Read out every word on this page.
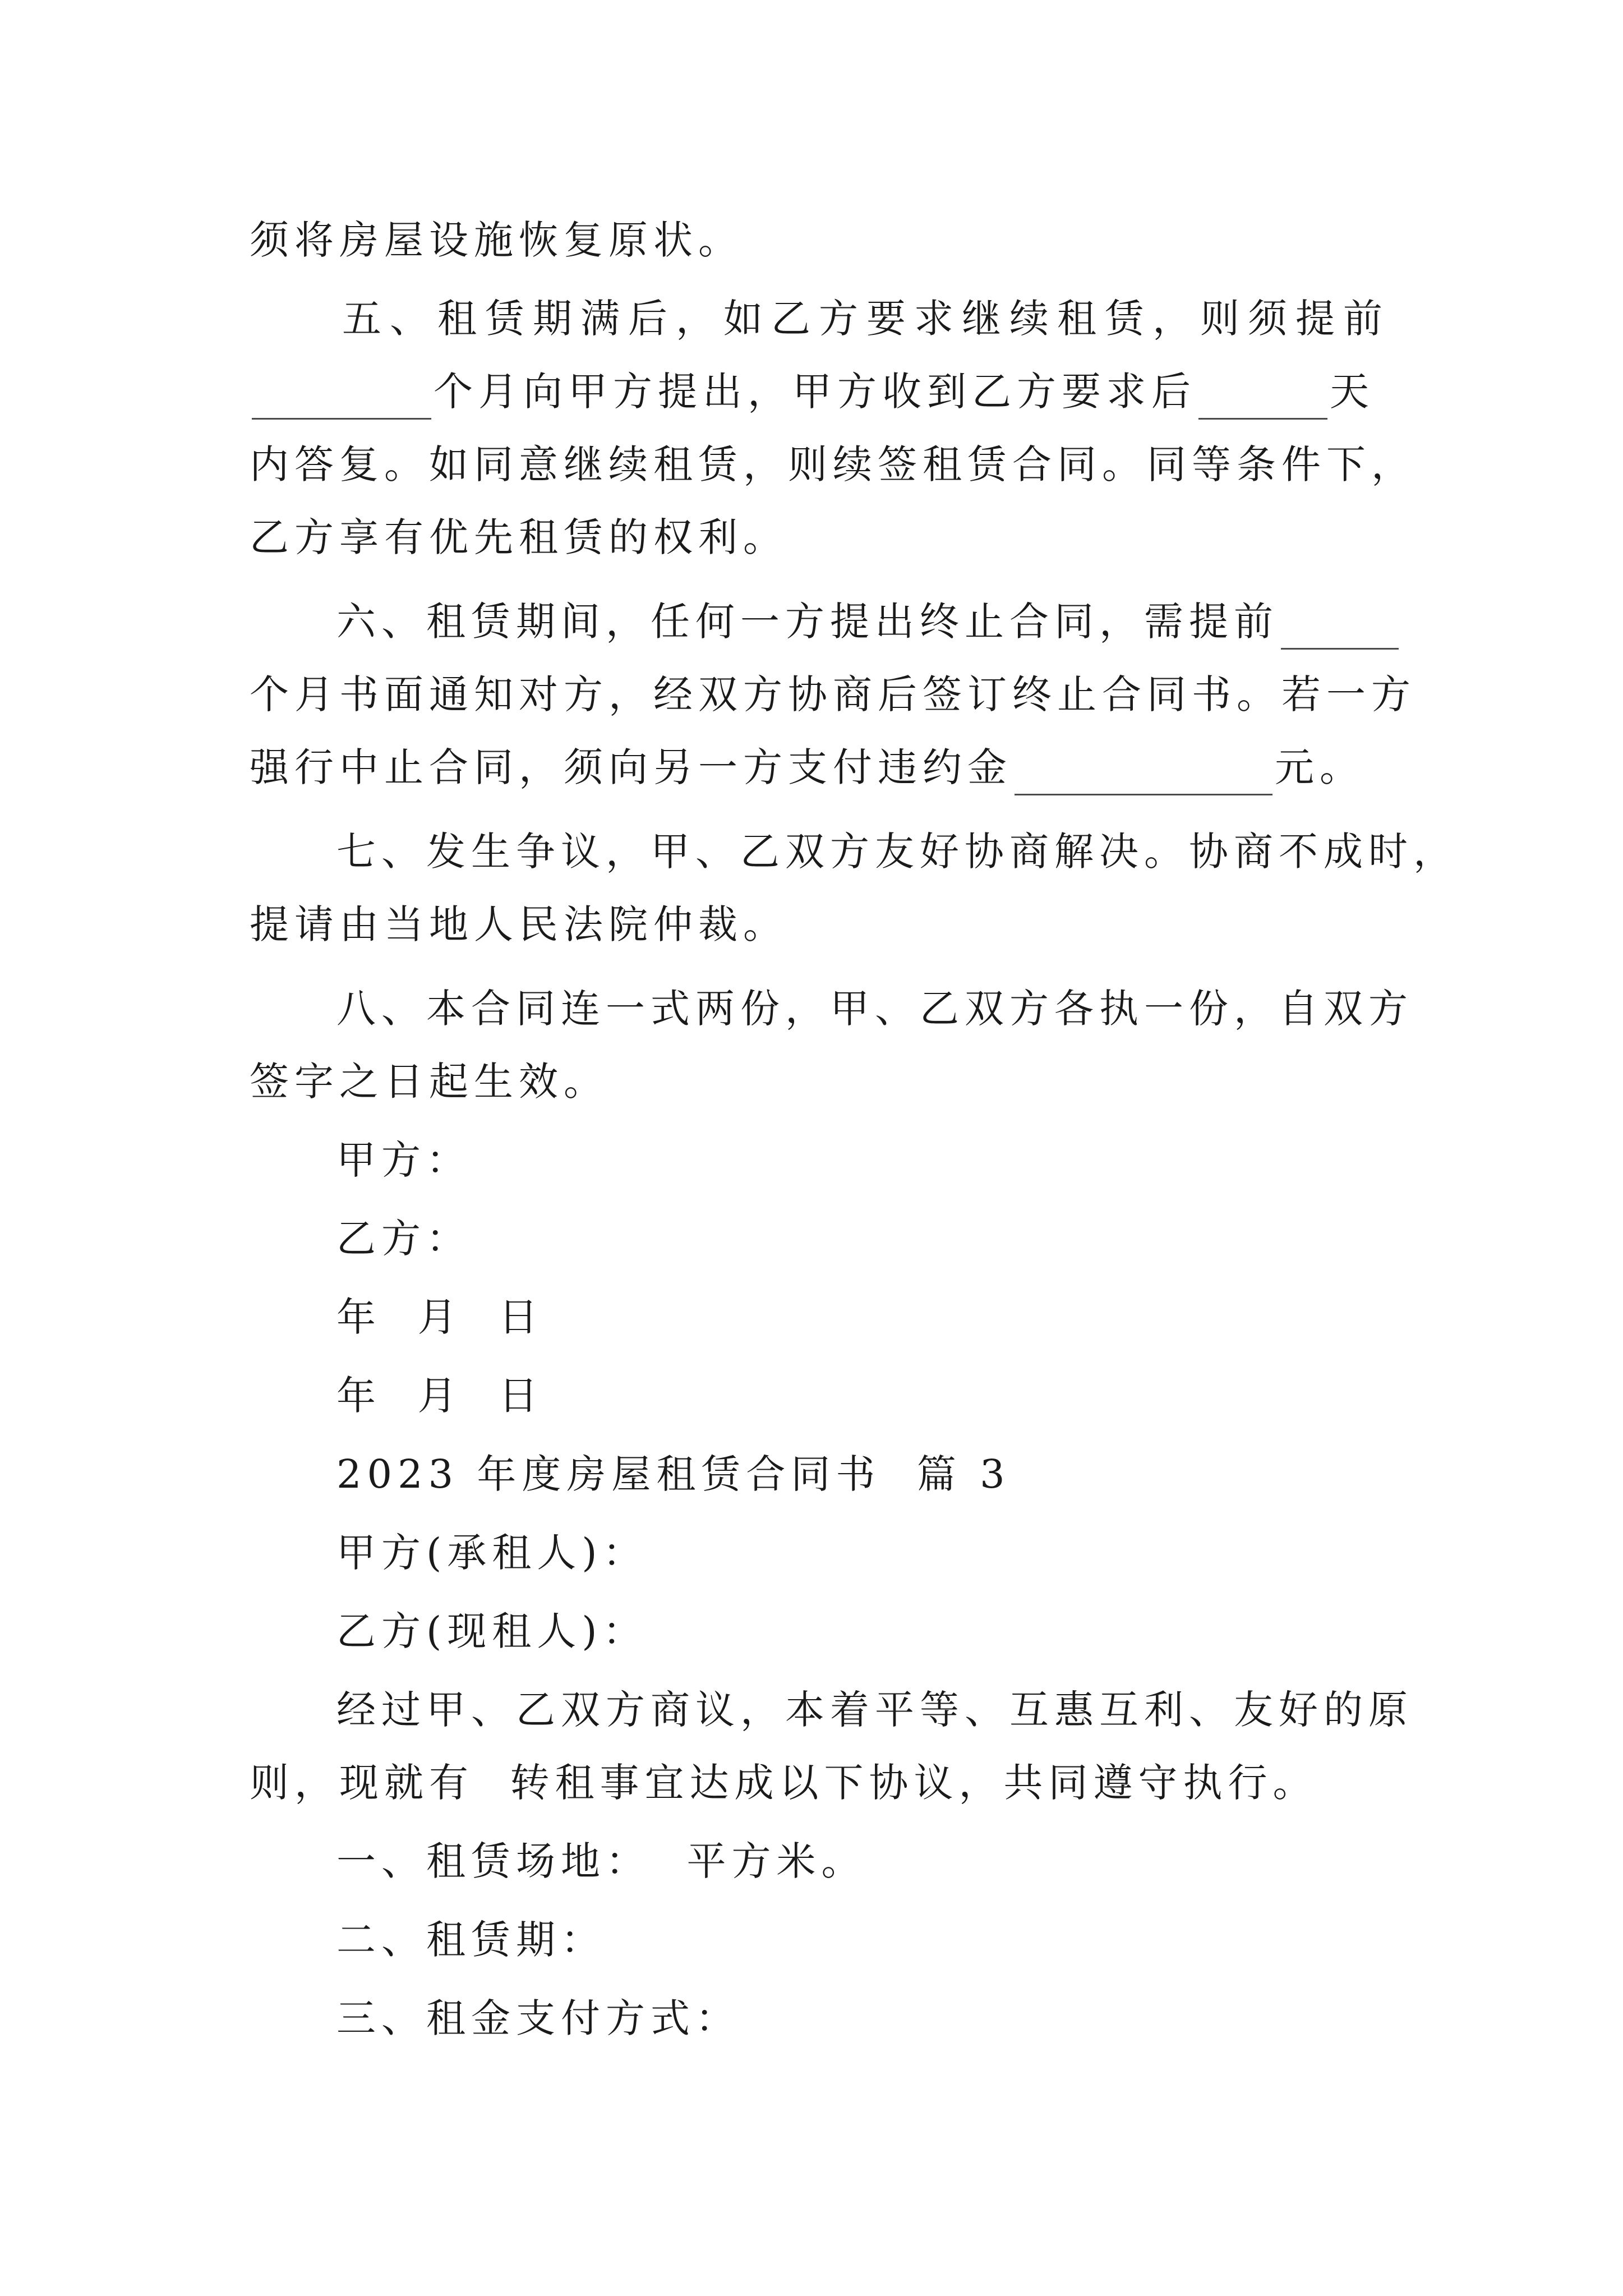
须将房屋设施恢复原状。
五、租赁期满后，如乙方要求继续租赁，则须提前
个月向甲方提出，甲方收到乙方要求后	天
内答复。如同意继续租赁，则续签租赁合同。同等条件下，
乙方享有优先租赁的权利。
六、租赁期间，任何一方提出终止合同，需提前
个月书面通知对方，经双方协商后签订终止合同书。若一方
强行中止合同，须向另一方支付违约金	元。
七、发生争议，甲、乙双方友好协商解决。协商不成时，
提请由当地人民法院仲裁。
八、本合同连一式两份，甲、乙双方各执一份，自双方
签字之日起生效。
甲方：
乙方：
年  月  日
年  月  日
2023 年度房屋租赁合同书  篇 3
甲方(承租人)：
乙方(现租人)：
经过甲、乙双方商议，本着平等、互惠互利、友好的原
则，现就有  转租事宜达成以下协议，共同遵守执行。
一、租赁场地：  平方米。
二、租赁期：
三、租金支付方式：
